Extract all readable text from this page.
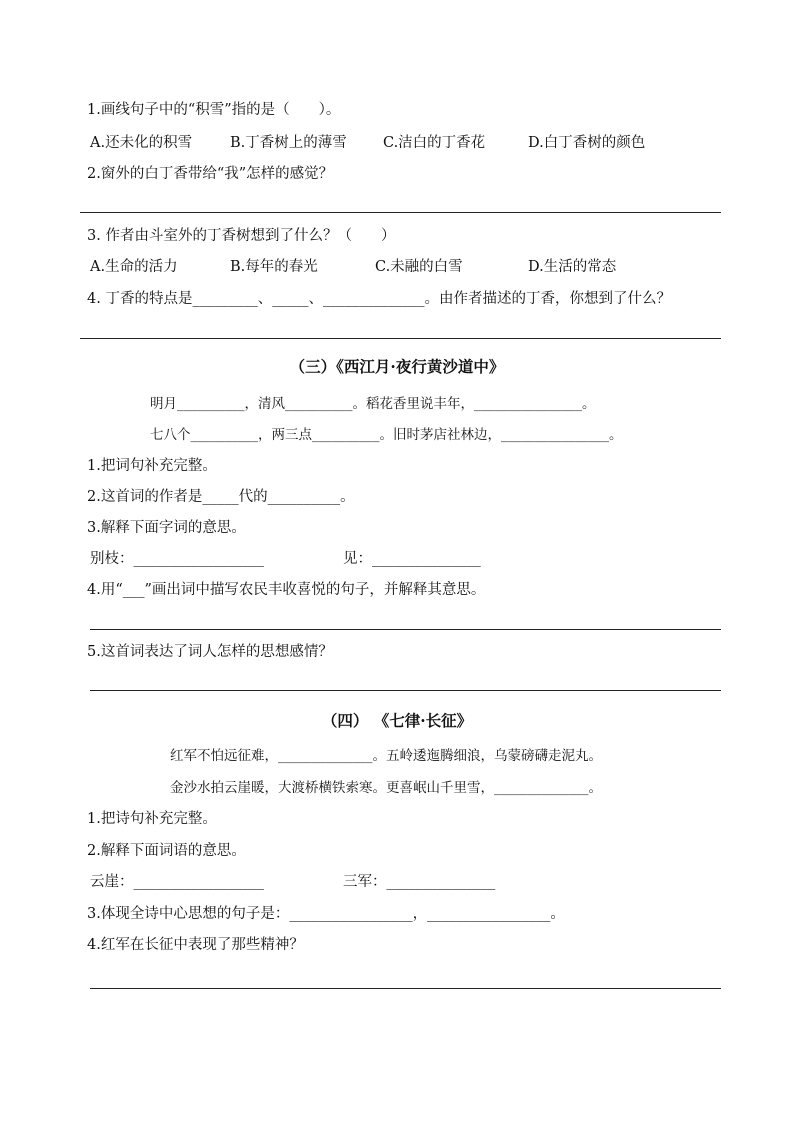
1.画线句子中的“积雪”指的是（　　）。
A.还未化的积雪	B.丁香树上的薄雪 C.洁白的丁香花	D.白丁香树的颜色
2.窗外的白丁香带给“我”怎样的感觉？
3. 作者由斗室外的丁香树想到了什么？（　　）
A.生命的活力	B.每年的春光	C.未融的白雪	D.生活的常态
4. 丁香的特点是_________、_____、______________。由作者描述的丁香，你想到了什么？
（三）《西江月·夜行黄沙道中》
明月__________，清风__________。稻花香里说丰年，________________。
七八个__________，两三点__________。旧时茅店社林边，________________。
1.把词句补充完整。
2.这首词的作者是_____代的__________。
3.解释下面字词的意思。
别枝：__________________	见：_______________
4.用“___”画出词中描写农民丰收喜悦的句子，并解释其意思。
5.这首词表达了词人怎样的思想感情？
（四） 《七律·长征》
红军不怕远征难，______________。五岭逶迤腾细浪，乌蒙磅礴走泥丸。
金沙水拍云崖暖，大渡桥横铁索寒。更喜岷山千里雪，______________。
1.把诗句补充完整。
2.解释下面词语的意思。
云崖：__________________	三军：_______________
3.体现全诗中心思想的句子是：_________________，_________________。
4.红军在长征中表现了那些精神？
